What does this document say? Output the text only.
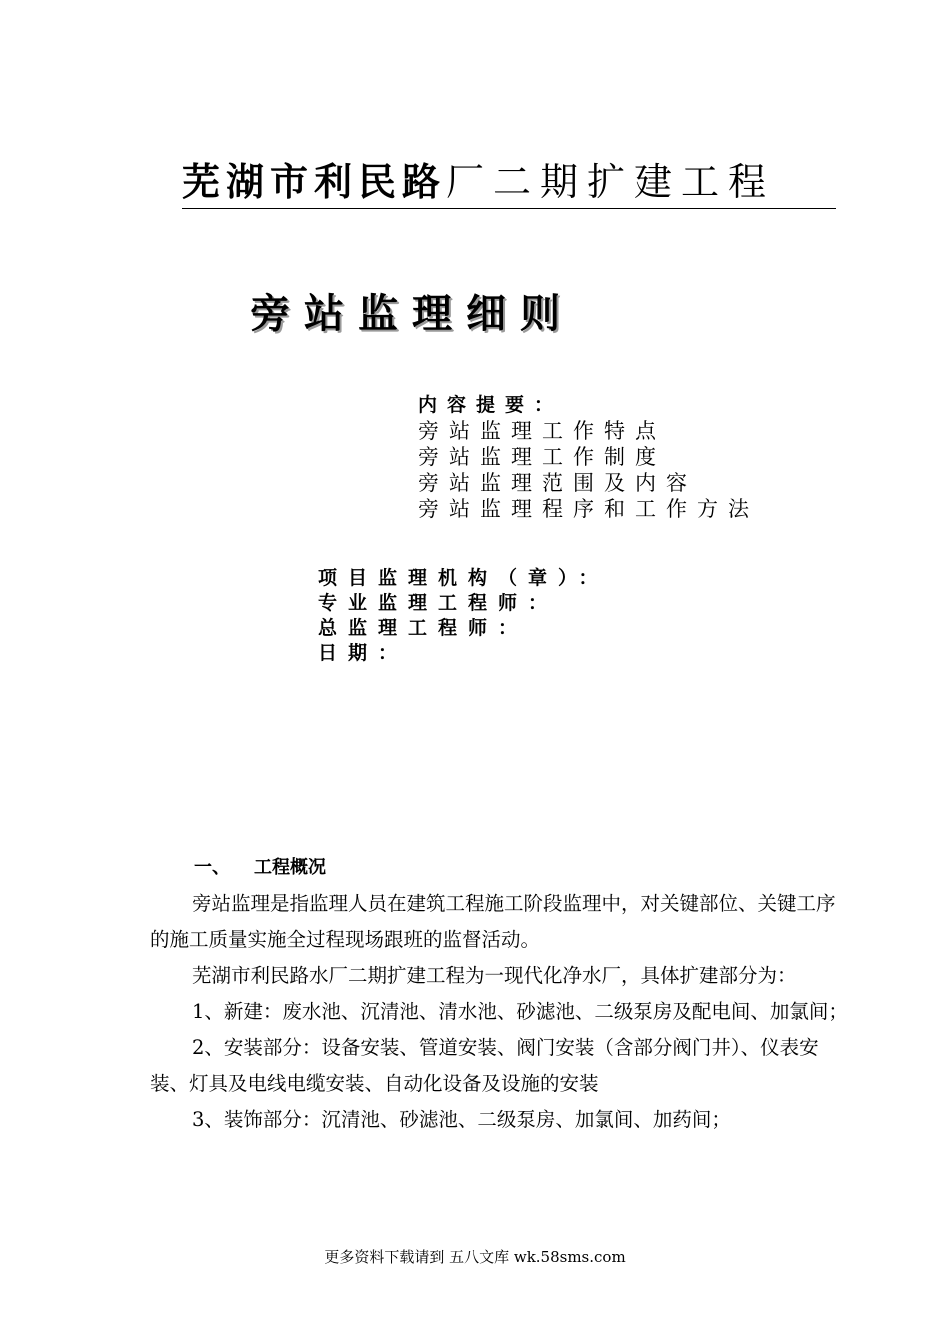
芜湖市利民路厂二期扩建工程
旁站监理细则
内容提要：
旁站监理工作特点
旁站监理工作制度
旁站监理范围及内容
旁站监理程序和工作方法
项目监理机构（章）：
专业监理工程师：
总监理工程师：
日期：
一、 工程概况

旁站监理是指监理人员在建筑工程施工阶段监理中，对关键部位、关键工序的施工质量实施全过程现场跟班的监督活动。

芜湖市利民路水厂二期扩建工程为一现代化净水厂，具体扩建部分为：

1、新建：废水池、沉清池、清水池、砂滤池、二级泵房及配电间、加氯间；

2、安装部分：设备安装、管道安装、阀门安装（含部分阀门井）、仪表安装、灯具及电线电缆安装、自动化设备及设施的安装

3、装饰部分：沉清池、砂滤池、二级泵房、加氯间、加药间；

更多资料下载请到 五八文库 wk.58sms.com
